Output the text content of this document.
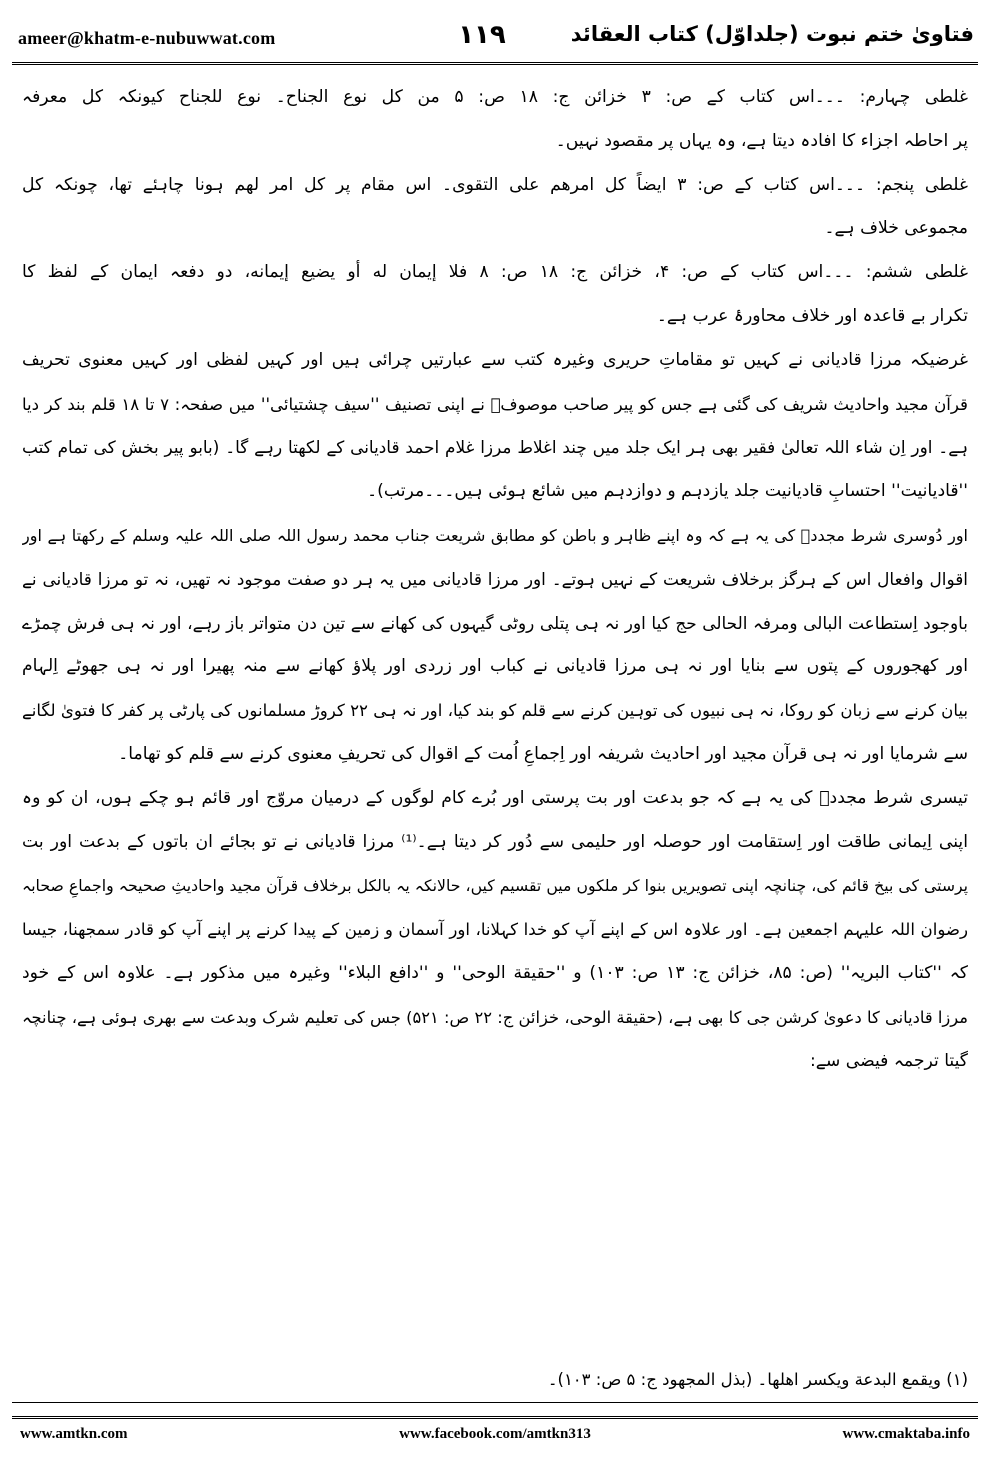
ameer@khatm-e-nubuwwat.com	۱۱۹	فتاویٰ ختم نبوت (جلداوّل) کتاب العقائد
غلطی چہارم: ۔۔۔اس کتاب کے ص: ۳ خزائن ج: ۱۸ ص: ۵ من کل نوع الجناح۔ نوع للجناح کیونکہ کل معرفہ
پر احاطہ اجزاء کا افادہ دیتا ہے، وہ یہاں پر مقصود نہیں۔
غلطی پنجم: ۔۔۔اس کتاب کے ص: ۳ ایضاً کل امرھم علی التقوی۔ اس مقام پر کل امر لھم ہونا چاہئے تھا، چونکہ کل
مجموعی خلاف ہے۔
غلطی ششم: ۔۔۔اس کتاب کے ص: ۴، خزائن ج: ۱۸ ص: ۸ فلا إیمان له أو یضیع إیمانه، دو دفعہ ایمان کے لفظ کا
تکرار بے قاعدہ اور خلاف محاورۂ عرب ہے۔
غرضیکہ مرزا قادیانی نے کہیں تو مقاماتِ حریری وغیرہ کتب سے عبارتیں چرائی ہیں اور کہیں لفظی اور کہیں معنوی تحریف
قرآن مجید واحادیث شریف کی گئی ہے جس کو پیر صاحب موصوفؒ نے اپنی تصنیف ''سیف چشتیائی'' میں صفحہ: ۷ تا ۱۸ قلم بند کر دیا
ہے۔ اور اِن شاء اللہ تعالیٰ فقیر بھی ہر ایک جلد میں چند اغلاط مرزا غلام احمد قادیانی کے لکھتا رہے گا۔ (بابو پیر بخش کی تمام کتب
''قادیانیت'' احتسابِ قادیانیت جلد یازدہم و دوازدہم میں شائع ہوئی ہیں۔۔۔مرتب)۔
اور دُوسری شرط مجددؒ کی یہ ہے کہ وہ اپنے ظاہر و باطن کو مطابق شریعت جناب محمد رسول اللہ صلی اللہ علیہ وسلم کے رکھتا ہے اور
اقوال وافعال اس کے ہرگز برخلاف شریعت کے نہیں ہوتے۔ اور مرزا قادیانی میں یہ ہر دو صفت موجود نہ تھیں، نہ تو مرزا قادیانی نے
باوجود اِستطاعت البالی ومرفہ الحالی حج کیا اور نہ ہی پتلی روٹی گیہوں کی کھانے سے تین دن متواتر باز رہے، اور نہ ہی فرش چمڑے
اور کھجوروں کے پتوں سے بنایا اور نہ ہی مرزا قادیانی نے کباب اور زردی اور پلاؤ کھانے سے منہ پھیرا اور نہ ہی جھوٹے اِلہام
بیان کرنے سے زبان کو روکا، نہ ہی نبیوں کی توہین کرنے سے قلم کو بند کیا، اور نہ ہی ۲۲ کروڑ مسلمانوں کی پارٹی پر کفر کا فتویٰ لگانے
سے شرمایا اور نہ ہی قرآن مجید اور احادیث شریفہ اور اِجماعِ اُمت کے اقوال کی تحریفِ معنوی کرنے سے قلم کو تھاما۔
تیسری شرط مجددؒ کی یہ ہے کہ جو بدعت اور بت پرستی اور بُرے کام لوگوں کے درمیان مروّج اور قائم ہو چکے ہوں، ان کو وہ
اپنی اِیمانی طاقت اور اِستقامت اور حوصلہ اور حلیمی سے دُور کر دیتا ہے۔⁽¹⁾ مرزا قادیانی نے تو بجائے ان باتوں کے بدعت اور بت
پرستی کی بیخ قائم کی، چنانچہ اپنی تصویریں بنوا کر ملکوں میں تقسیم کیں، حالانکہ یہ بالکل برخلاف قرآن مجید واحادیثِ صحیحہ واجماعِ صحابہ
رضوان اللہ علیہم اجمعین ہے۔ اور علاوہ اس کے اپنے آپ کو خدا کہلانا، اور آسمان و زمین کے پیدا کرنے پر اپنے آپ کو قادر سمجھنا، جیسا
کہ ''کتاب البریہ'' (ص: ۸۵، خزائن ج: ۱۳ ص: ۱۰۳) و ''حقیقة الوحی'' و ''دافع البلاء'' وغیرہ میں مذکور ہے۔ علاوہ اس کے خود
مرزا قادیانی کا دعویٰ کرشن جی کا بھی ہے، (حقیقة الوحی، خزائن ج: ۲۲ ص: ۵۲۱) جس کی تعلیم شرک وبدعت سے بھری ہوئی ہے، چنانچہ
گیتا ترجمہ فیضی سے:
(۱) ویقمع البدعة ویکسر اهلها۔ (بذل المجهود ج: ۵ ص: ۱۰۳)۔
www.amtkn.com	www.facebook.com/amtkn313	www.cmaktaba.info
